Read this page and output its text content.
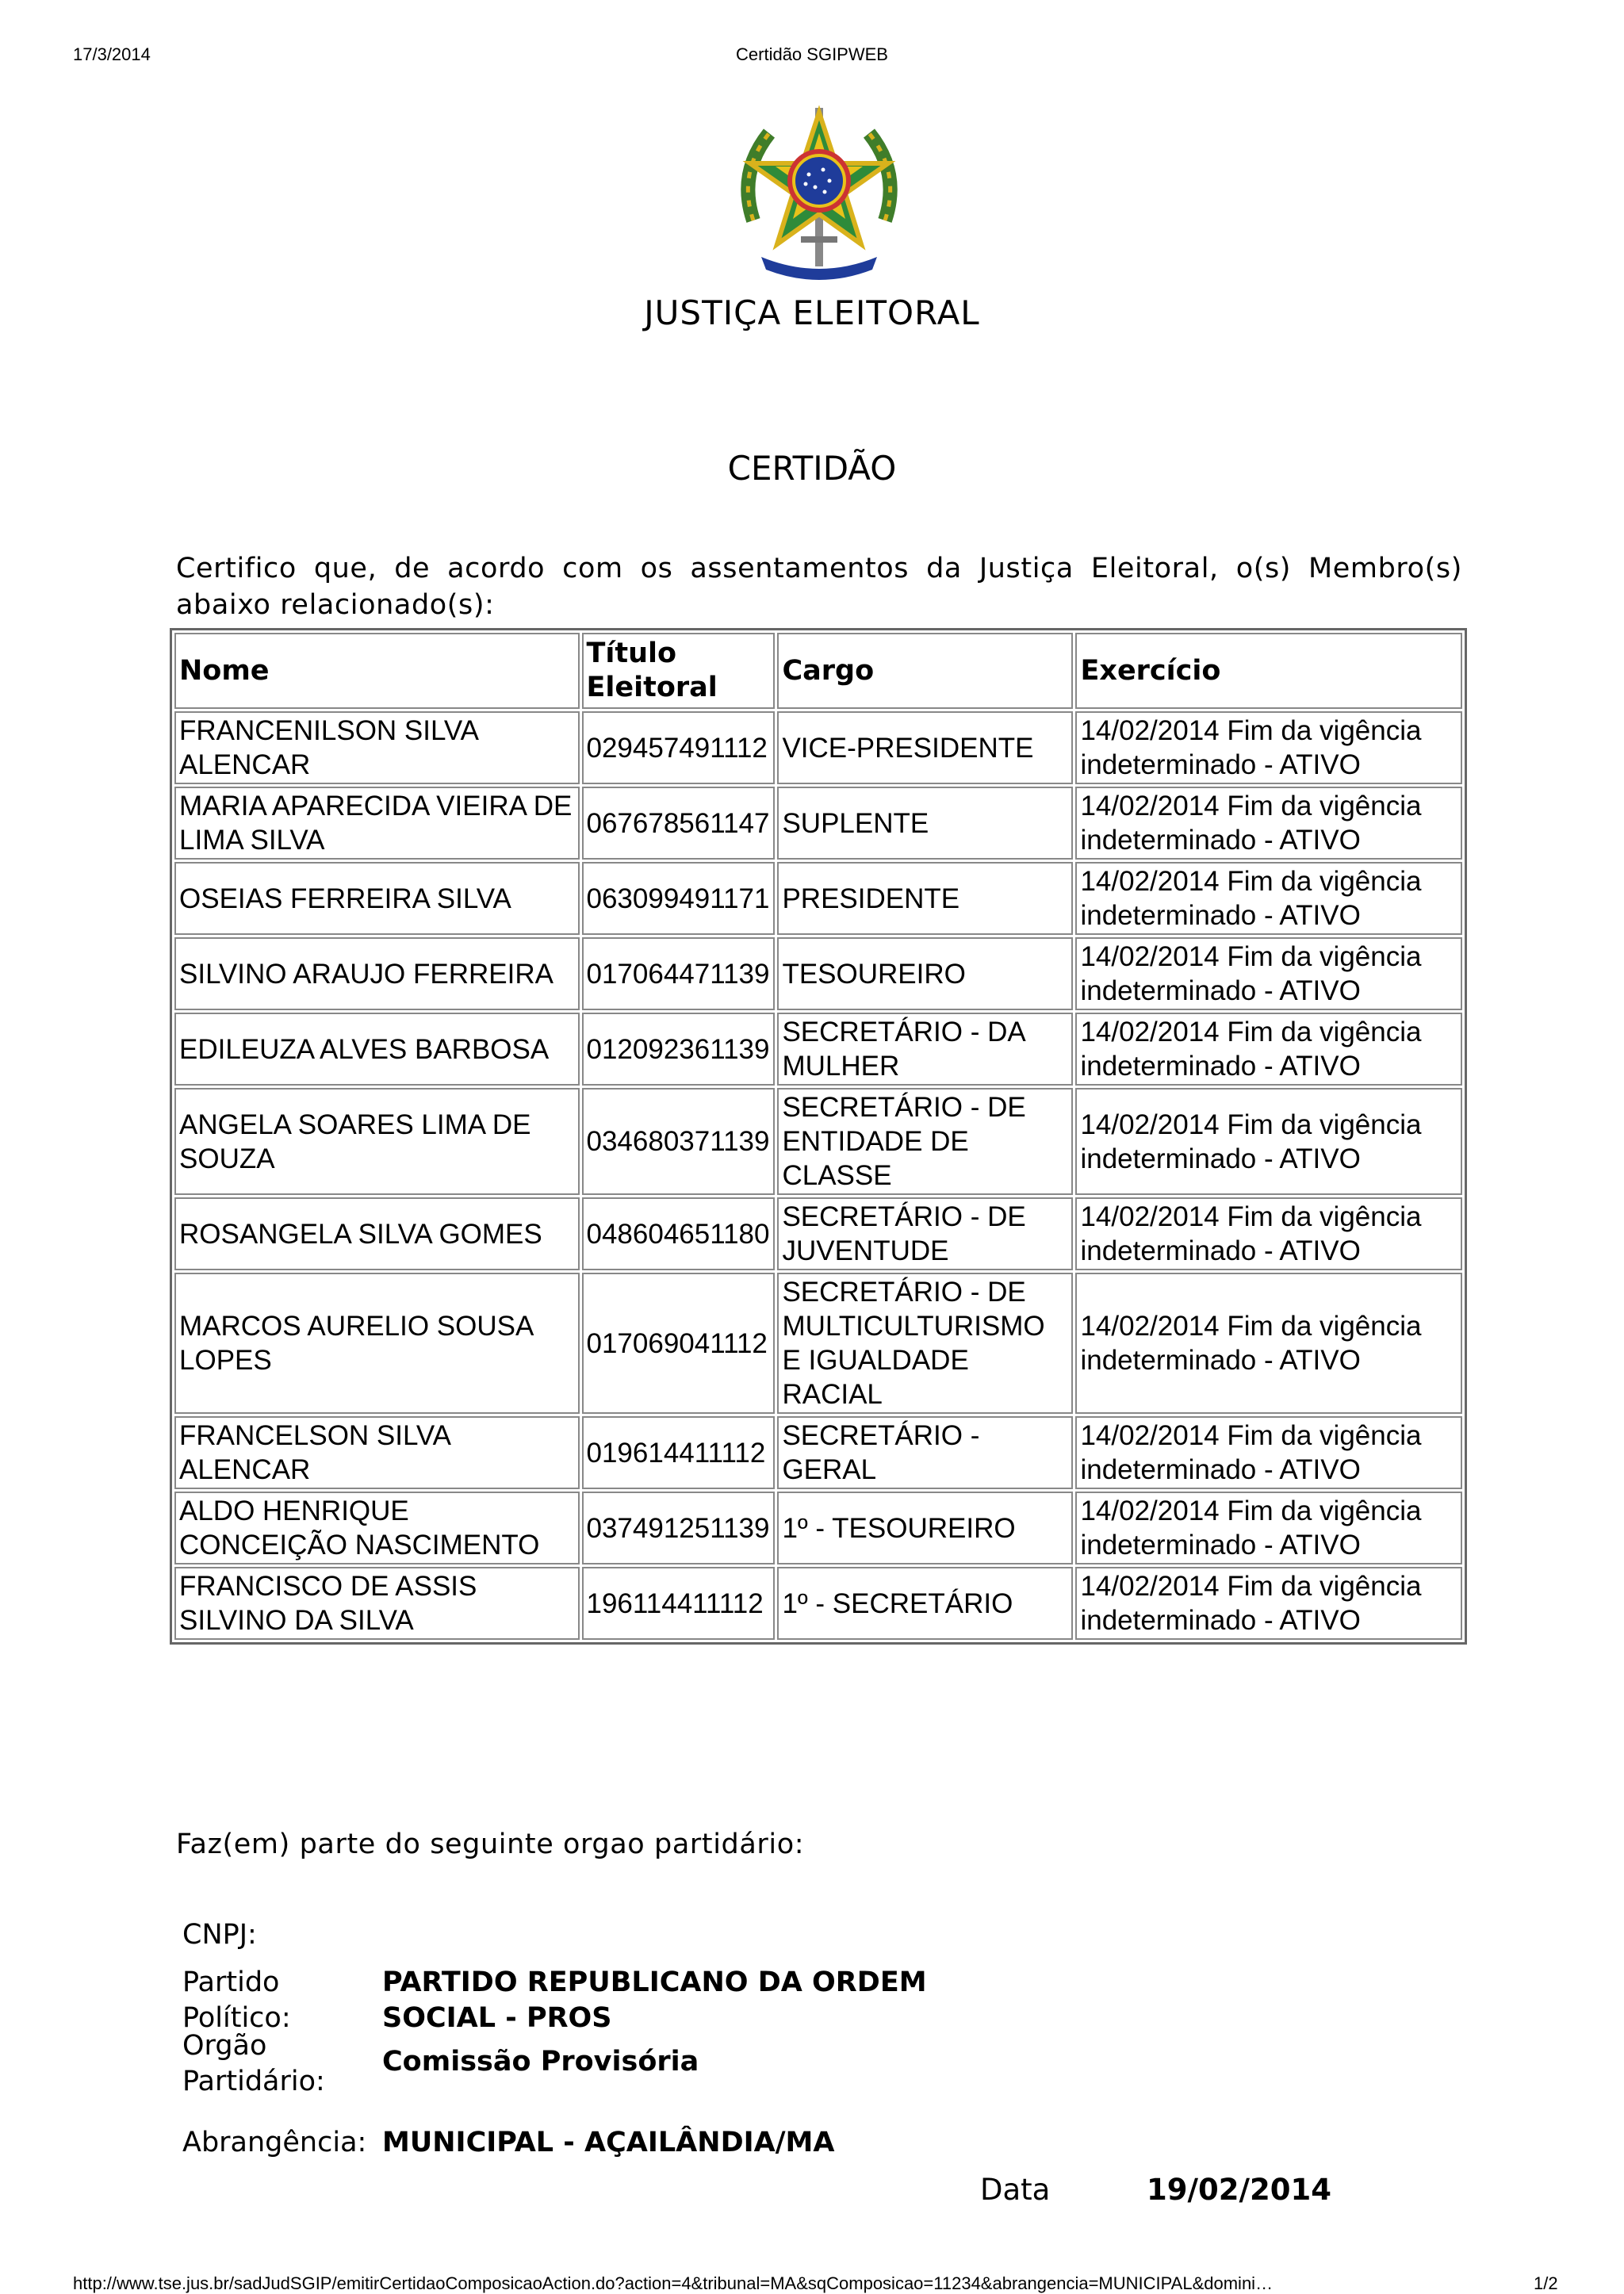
17/3/2014	Certidão SGIPWEB
JUSTIÇA ELEITORAL
CERTIDÃO
Certifico que, de acordo com os assentamentos da Justiça Eleitoral, o(s) Membro(s) abaixo relacionado(s):
Nome	Título Eleitoral	Cargo	Exercício
FRANCENILSON SILVA ALENCAR	029457491112	VICE-PRESIDENTE	14/02/2014 Fim da vigência indeterminado - ATIVO
MARIA APARECIDA VIEIRA DE LIMA SILVA	067678561147	SUPLENTE	14/02/2014 Fim da vigência indeterminado - ATIVO
OSEIAS FERREIRA SILVA	063099491171	PRESIDENTE	14/02/2014 Fim da vigência indeterminado - ATIVO
SILVINO ARAUJO FERREIRA	017064471139	TESOUREIRO	14/02/2014 Fim da vigência indeterminado - ATIVO
EDILEUZA ALVES BARBOSA	012092361139	SECRETÁRIO - DA MULHER	14/02/2014 Fim da vigência indeterminado - ATIVO
ANGELA SOARES LIMA DE SOUZA	034680371139	SECRETÁRIO - DE ENTIDADE DE CLASSE	14/02/2014 Fim da vigência indeterminado - ATIVO
ROSANGELA SILVA GOMES	048604651180	SECRETÁRIO - DE JUVENTUDE	14/02/2014 Fim da vigência indeterminado - ATIVO
MARCOS AURELIO SOUSA LOPES	017069041112	SECRETÁRIO - DE MULTICULTURISMO E IGUALDADE RACIAL	14/02/2014 Fim da vigência indeterminado - ATIVO
FRANCELSON SILVA ALENCAR	019614411112	SECRETÁRIO - GERAL	14/02/2014 Fim da vigência indeterminado - ATIVO
ALDO HENRIQUE CONCEIÇÃO NASCIMENTO	037491251139	1º - TESOUREIRO	14/02/2014 Fim da vigência indeterminado - ATIVO
FRANCISCO DE ASSIS SILVINO DA SILVA	196114411112	1º - SECRETÁRIO	14/02/2014 Fim da vigência indeterminado - ATIVO
Faz(em) parte do seguinte orgao partidário:
CNPJ:
Partido Político:
PARTIDO REPUBLICANO DA ORDEM SOCIAL - PROS
Orgão Partidário:
Comissão Provisória
Abrangência: MUNICIPAL - AÇAILÂNDIA/MA
Data	19/02/2014
http://www.tse.jus.br/sadJudSGIP/emitirCertidaoComposicaoAction.do?action=4&tribunal=MA&sqComposicao=11234&abrangencia=MUNICIPAL&domini…	1/2
